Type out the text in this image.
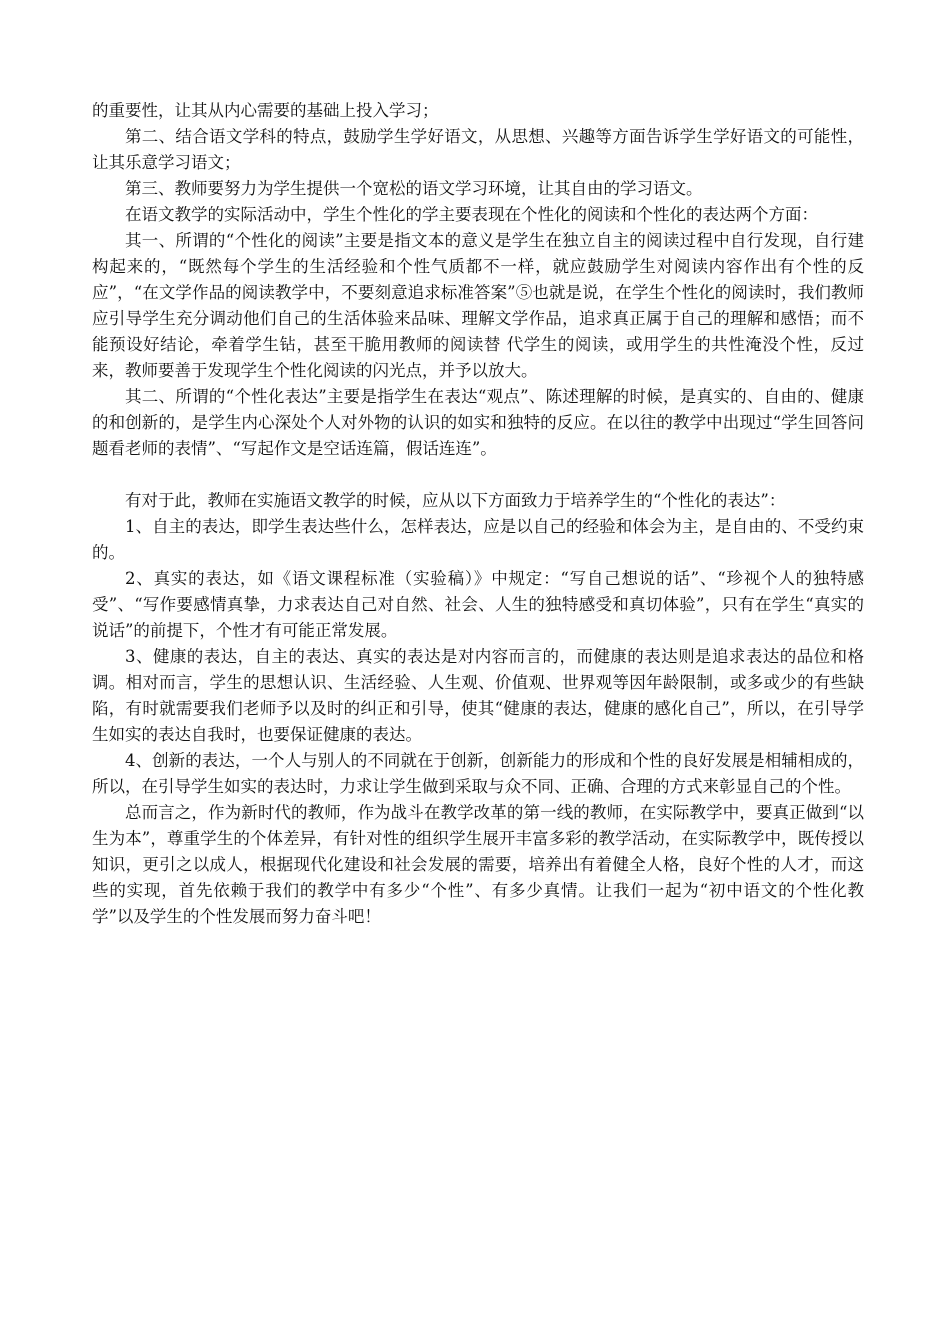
的重要性，让其从内心需要的基础上投入学习；

第二、结合语文学科的特点，鼓励学生学好语文，从思想、兴趣等方面告诉学生学好语文的可能性，让其乐意学习语文；

第三、教师要努力为学生提供一个宽松的语文学习环境，让其自由的学习语文。

在语文教学的实际活动中，学生个性化的学主要表现在个性化的阅读和个性化的表达两个方面：

其一、所谓的“个性化的阅读”主要是指文本的意义是学生在独立自主的阅读过程中自行发现，自行建构起来的，“既然每个学生的生活经验和个性气质都不一样，就应鼓励学生对阅读内容作出有个性的反应”，“在文学作品的阅读教学中，不要刻意追求标准答案”⑤也就是说，在学生个性化的阅读时，我们教师应引导学生充分调动他们自己的生活体验来品味、理解文学作品，追求真正属于自己的理解和感悟；而不能预设好结论，牵着学生钻，甚至干脆用教师的阅读替 代学生的阅读，或用学生的共性淹没个性，反过来，教师要善于发现学生个性化阅读的闪光点，并予以放大。

其二、所谓的“个性化表达”主要是指学生在表达“观点”、陈述理解的时候，是真实的、自由的、健康的和创新的，是学生内心深处个人对外物的认识的如实和独特的反应。在以往的教学中出现过“学生回答问题看老师的表情”、“写起作文是空话连篇，假话连连”。

有对于此，教师在实施语文教学的时候，应从以下方面致力于培养学生的“个性化的表达”：

1、自主的表达，即学生表达些什么，怎样表达，应是以自己的经验和体会为主，是自由的、不受约束的。

2、真实的表达，如《语文课程标准（实验稿）》中规定：“写自己想说的话”、“珍视个人的独特感受”、“写作要感情真挚，力求表达自己对自然、社会、人生的独特感受和真切体验”，只有在学生“真实的说话”的前提下，个性才有可能正常发展。

3、健康的表达，自主的表达、真实的表达是对内容而言的，而健康的表达则是追求表达的品位和格调。相对而言，学生的思想认识、生活经验、人生观、价值观、世界观等因年龄限制，或多或少的有些缺陷，有时就需要我们老师予以及时的纠正和引导，使其“健康的表达，健康的感化自己”，所以，在引导学生如实的表达自我时，也要保证健康的表达。

4、创新的表达，一个人与别人的不同就在于创新，创新能力的形成和个性的良好发展是相辅相成的，所以，在引导学生如实的表达时，力求让学生做到采取与众不同、正确、合理的方式来彰显自己的个性。

总而言之，作为新时代的教师，作为战斗在教学改革的第一线的教师，在实际教学中，要真正做到“以生为本”，尊重学生的个体差异，有针对性的组织学生展开丰富多彩的教学活动，在实际教学中，既传授以知识，更引之以成人，根据现代化建设和社会发展的需要，培养出有着健全人格，良好个性的人才，而这些的实现，首先依赖于我们的教学中有多少“个性”、有多少真情。让我们一起为“初中语文的个性化教学”以及学生的个性发展而努力奋斗吧！
